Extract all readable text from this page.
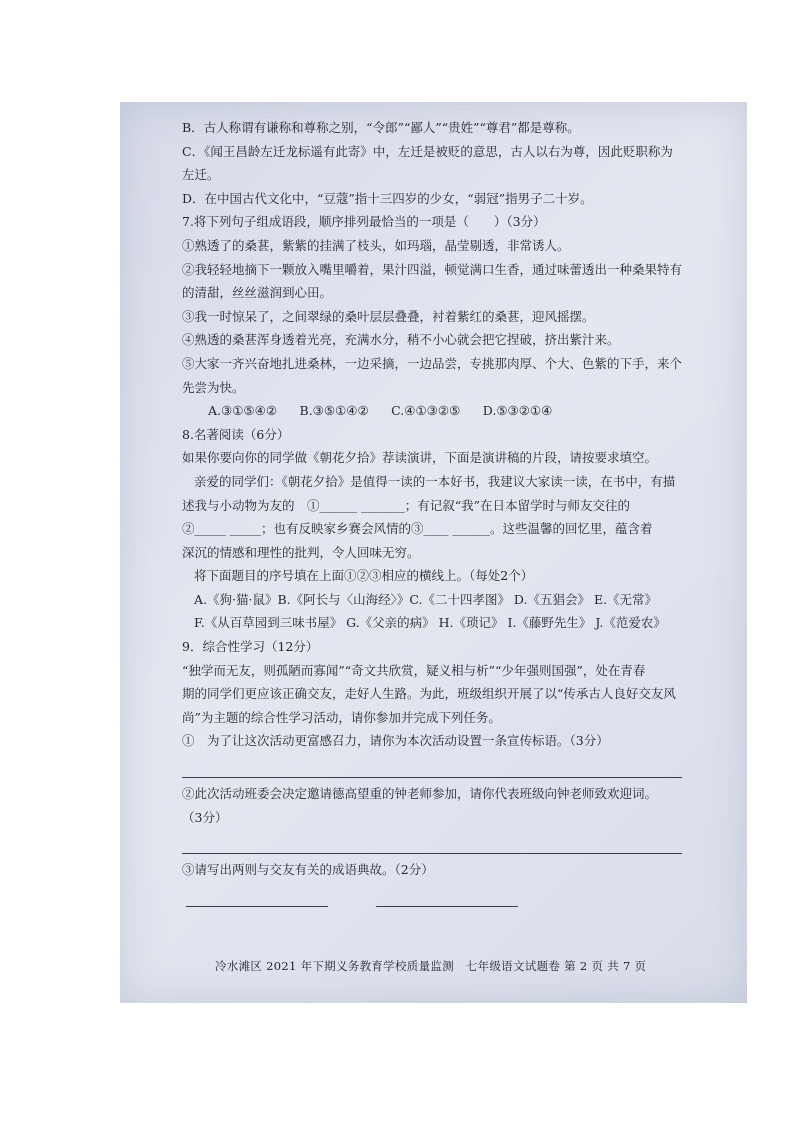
B．古人称谓有谦称和尊称之别，“令郎”“鄙人”“贵姓”“尊君”都是尊称。

C．《闻王昌龄左迁龙标遥有此寄》中，左迁是被贬的意思，古人以右为尊，因此贬职称为

左迁。

D．在中国古代文化中，“豆蔻”指十三四岁的少女，“弱冠”指男子二十岁。

7.将下列句子组成语段，顺序排列最恰当的一项是（　　）（3分）

①熟透了的桑葚，紫紫的挂满了枝头，如玛瑙，晶莹剔透，非常诱人。

②我轻轻地摘下一颗放入嘴里嚼着，果汁四溢，顿觉满口生香，通过味蕾透出一种桑果特有

的清甜，丝丝滋润到心田。

③我一时惊呆了，之间翠绿的桑叶层层叠叠，衬着紫红的桑葚，迎风摇摆。

④熟透的桑葚浑身透着光亮，充满水分，稍不小心就会把它捏破，挤出紫汁来。

⑤大家一齐兴奋地扎进桑林，一边采摘，一边品尝，专挑那肉厚、个大、色紫的下手，来个

先尝为快。

A.③①⑤④②　 B.③⑤①④②　 C.④①③②⑤　 D.⑤③②①④

8.名著阅读（6分）

如果你要向你的同学做《朝花夕拾》荐读演讲，下面是演讲稿的片段，请按要求填空。

亲爱的同学们：《朝花夕拾》是值得一读的一本好书，我建议大家读一读，在书中，有描

述我与小动物为友的　①______ _______；有记叙“我”在日本留学时与师友交往的

②_____ _____；也有反映家乡赛会风情的③____ ______。这些温馨的回忆里，蕴含着

深沉的情感和理性的批判，令人回味无穷。

将下面题目的序号填在上面①②③相应的横线上。（每处2个）

A.《狗·猫·鼠》B.《阿长与〈山海经〉》C.《二十四孝图》 D.《五猖会》 E.《无常》

F.《从百草园到三味书屋》 G.《父亲的病》 H.《琐记》 I.《藤野先生》 J.《范爱农》

9．综合性学习（12分）

“独学而无友，则孤陋而寡闻”“奇文共欣赏，疑义相与析”“少年强则国强”，处在青春

期的同学们更应该正确交友，走好人生路。为此，班级组织开展了以“传承古人良好交友风

尚”为主题的综合性学习活动，请你参加并完成下列任务。

①　为了让这次活动更富感召力，请你为本次活动设置一条宣传标语。（3分）

②此次活动班委会决定邀请德高望重的钟老师参加，请你代表班级向钟老师致欢迎词。

（3分）

③请写出两则与交友有关的成语典故。（2分）

冷水滩区 2021 年下期义务教育学校质量监测　七年级语文试题卷 第 2 页 共 7 页
